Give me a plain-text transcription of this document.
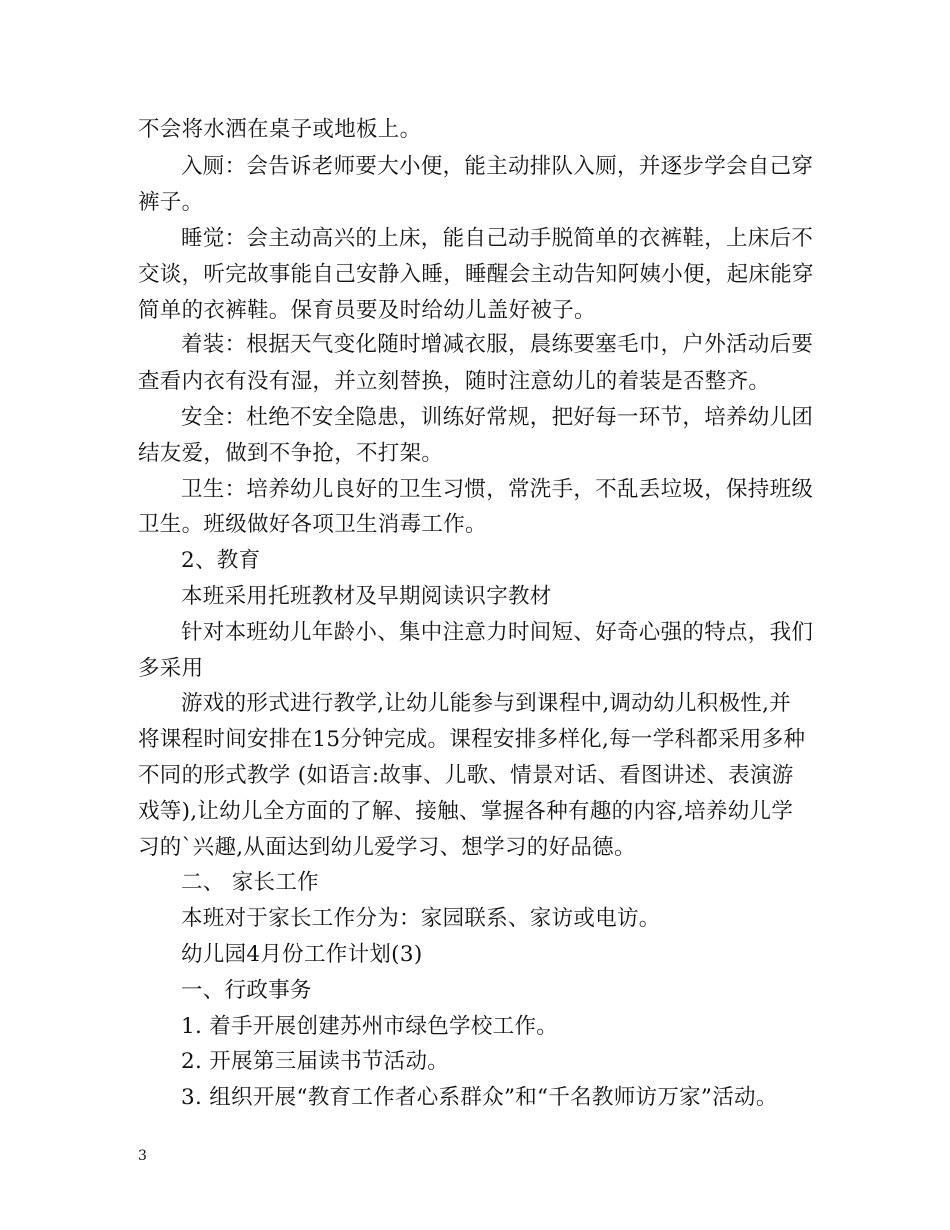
不会将水洒在桌子或地板上。
入厕：会告诉老师要大小便，能主动排队入厕，并逐步学会自己穿
裤子。
睡觉：会主动高兴的上床，能自己动手脱简单的衣裤鞋，上床后不
交谈，听完故事能自己安静入睡，睡醒会主动告知阿姨小便，起床能穿
简单的衣裤鞋。保育员要及时给幼儿盖好被子。
着装：根据天气变化随时增减衣服，晨练要塞毛巾，户外活动后要
查看内衣有没有湿，并立刻替换，随时注意幼儿的着装是否整齐。
安全：杜绝不安全隐患，训练好常规，把好每一环节，培养幼儿团
结友爱，做到不争抢，不打架。
卫生：培养幼儿良好的卫生习惯，常洗手，不乱丢垃圾，保持班级
卫生。班级做好各项卫生消毒工作。
2、教育
本班采用托班教材及早期阅读识字教材
针对本班幼儿年龄小、集中注意力时间短、好奇心强的特点，我们
多采用
游戏的形式进行教学,让幼儿能参与到课程中,调动幼儿积极性,并
将课程时间安排在15分钟完成。课程安排多样化,每一学科都采用多种
不同的形式教学 (如语言:故事、儿歌、情景对话、看图讲述、表演游
戏等),让幼儿全方面的了解、接触、掌握各种有趣的内容,培养幼儿学
习的`兴趣,从面达到幼儿爱学习、想学习的好品德。
二、 家长工作
本班对于家长工作分为：家园联系、家访或电访。
幼儿园4月份工作计划(3)
一、行政事务
1. 着手开展创建苏州市绿色学校工作。
2. 开展第三届读书节活动。
3. 组织开展“教育工作者心系群众”和“千名教师访万家”活动。
3
